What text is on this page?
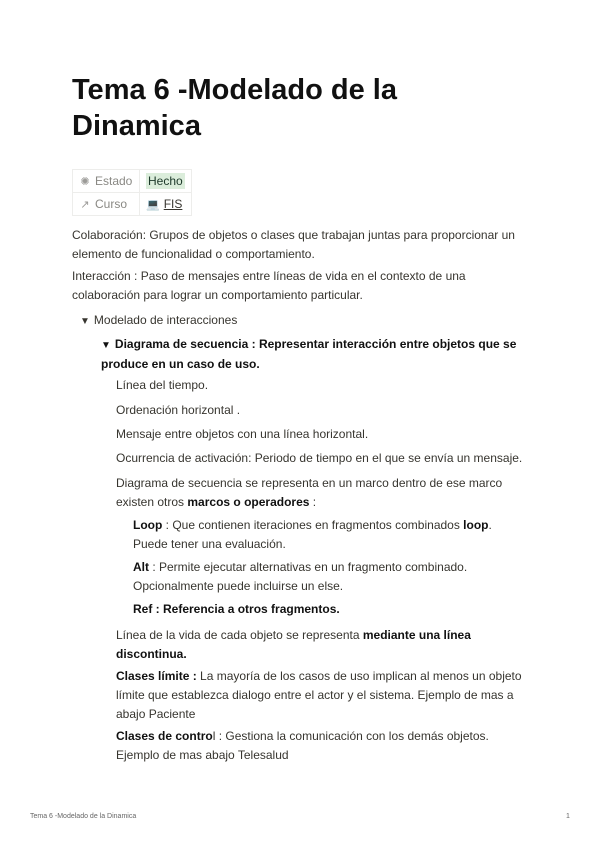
Tema 6 -Modelado de la Dinamica
✺ Estado	Hecho
↗ Curso	💻 FIS

Colaboración: Grupos de objetos o clases que trabajan juntas para proporcionar un elemento de funcionalidad o comportamiento.

Interacción : Paso de mensajes entre líneas de vida en el contexto de una colaboración para lograr un comportamiento particular.

▼ Modelado de interacciones

▼ Diagrama de secuencia : Representar interacción entre objetos que se produce en un caso de uso.

Línea del tiempo.

Ordenación horizontal .

Mensaje entre objetos con una línea horizontal.

Ocurrencia de activación: Periodo de tiempo en el que se envía un mensaje.

Diagrama de secuencia se representa en un marco dentro de ese marco existen otros marcos o operadores :

Loop : Que contienen iteraciones en fragmentos combinados loop. Puede tener una evaluación.

Alt : Permite ejecutar alternativas en un fragmento combinado. Opcionalmente puede incluirse un else.

Ref : Referencia a otros fragmentos.

Línea de la vida de cada objeto se representa mediante una línea discontinua.

Clases límite : La mayoría de los casos de uso implican al menos un objeto límite que establezca dialogo entre el actor y el sistema. Ejemplo de mas a abajo Paciente

Clases de control : Gestiona la comunicación con los demás objetos. Ejemplo de mas abajo Telesalud

Tema 6 -Modelado de la Dinamica	1
